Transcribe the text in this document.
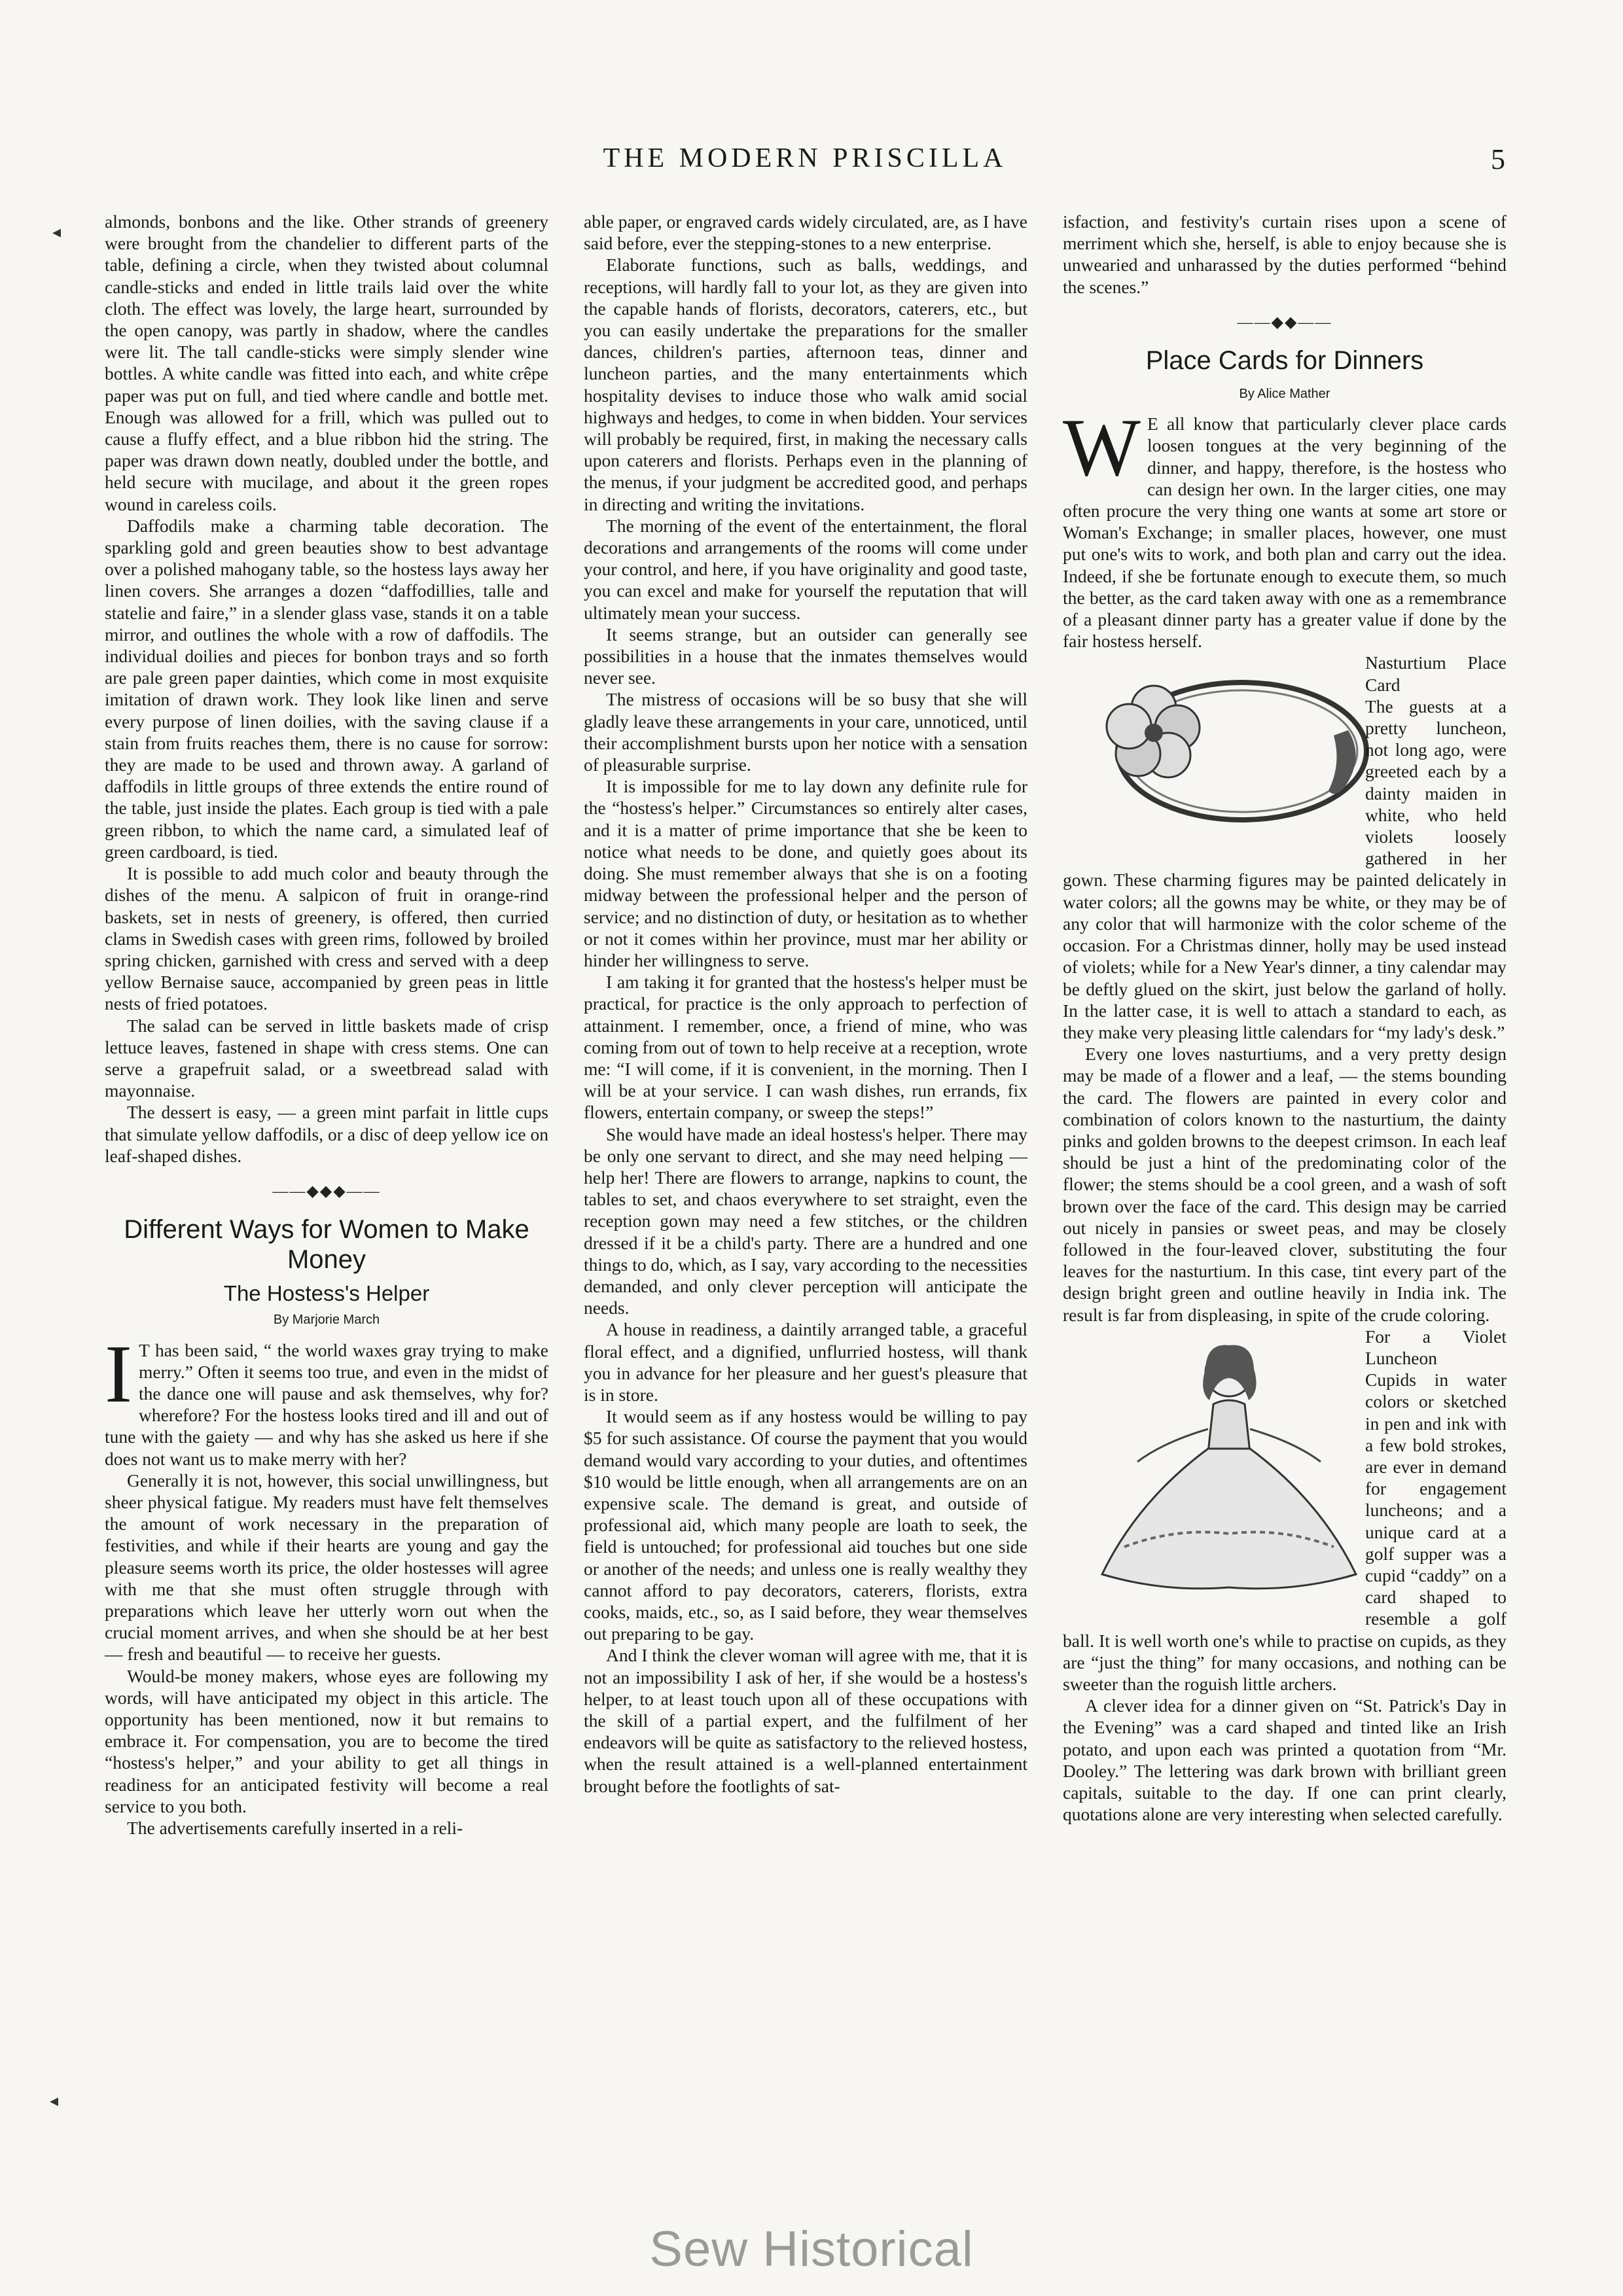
THE MODERN PRISCILLA	5
◂
◂

almonds, bonbons and the like. Other strands of greenery were brought from the chandelier to different parts of the table, defining a circle, when they twisted about columnal candle-sticks and ended in little trails laid over the white cloth. The effect was lovely, the large heart, surrounded by the open canopy, was partly in shadow, where the candles were lit. The tall candle-sticks were simply slender wine bottles. A white candle was fitted into each, and white crêpe paper was put on full, and tied where candle and bottle met. Enough was allowed for a frill, which was pulled out to cause a fluffy effect, and a blue ribbon hid the string. The paper was drawn down neatly, doubled under the bottle, and held secure with mucilage, and about it the green ropes wound in careless coils.

Daffodils make a charming table decoration. The sparkling gold and green beauties show to best advantage over a polished mahogany table, so the hostess lays away her linen covers. She arranges a dozen “daffodillies, talle and statelie and faire,” in a slender glass vase, stands it on a table mirror, and outlines the whole with a row of daffodils. The individual doilies and pieces for bonbon trays and so forth are pale green paper dainties, which come in most exquisite imitation of drawn work. They look like linen and serve every purpose of linen doilies, with the saving clause if a stain from fruits reaches them, there is no cause for sorrow: they are made to be used and thrown away. A garland of daffodils in little groups of three extends the entire round of the table, just inside the plates. Each group is tied with a pale green ribbon, to which the name card, a simulated leaf of green cardboard, is tied.

It is possible to add much color and beauty through the dishes of the menu. A salpicon of fruit in orange-rind baskets, set in nests of greenery, is offered, then curried clams in Swedish cases with green rims, followed by broiled spring chicken, garnished with cress and served with a deep yellow Bernaise sauce, accompanied by green peas in little nests of fried potatoes.

The salad can be served in little baskets made of crisp lettuce leaves, fastened in shape with cress stems. One can serve a grapefruit salad, or a sweetbread salad with mayonnaise.

The dessert is easy, — a green mint parfait in little cups that simulate yellow daffodils, or a disc of deep yellow ice on leaf-shaped dishes.

——◆◆◆——
Different Ways for Women to Make Money
The Hostess's Helper
By Marjorie March

I T has been said, “ the world waxes gray trying to make merry.” Often it seems too true, and even in the midst of the dance one will pause and ask themselves, why for? wherefore? For the hostess looks tired and ill and out of tune with the gaiety — and why has she asked us here if she does not want us to make merry with her?

Generally it is not, however, this social unwillingness, but sheer physical fatigue. My readers must have felt themselves the amount of work necessary in the preparation of festivities, and while if their hearts are young and gay the pleasure seems worth its price, the older hostesses will agree with me that she must often struggle through with preparations which leave her utterly worn out when the crucial moment arrives, and when she should be at her best — fresh and beautiful — to receive her guests.

Would-be money makers, whose eyes are following my words, will have anticipated my object in this article. The opportunity has been mentioned, now it but remains to embrace it. For compensation, you are to become the tired “hostess's helper,” and your ability to get all things in readiness for an anticipated festivity will become a real service to you both.

The advertisements carefully inserted in a reli-

able paper, or engraved cards widely circulated, are, as I have said before, ever the stepping-stones to a new enterprise.

Elaborate functions, such as balls, weddings, and receptions, will hardly fall to your lot, as they are given into the capable hands of florists, decorators, caterers, etc., but you can easily undertake the preparations for the smaller dances, children's parties, afternoon teas, dinner and luncheon parties, and the many entertainments which hospitality devises to induce those who walk amid social highways and hedges, to come in when bidden. Your services will probably be required, first, in making the necessary calls upon caterers and florists. Perhaps even in the planning of the menus, if your judgment be accredited good, and perhaps in directing and writing the invitations.

The morning of the event of the entertainment, the floral decorations and arrangements of the rooms will come under your control, and here, if you have originality and good taste, you can excel and make for yourself the reputation that will ultimately mean your success.

It seems strange, but an outsider can generally see possibilities in a house that the inmates themselves would never see.

The mistress of occasions will be so busy that she will gladly leave these arrangements in your care, unnoticed, until their accomplishment bursts upon her notice with a sensation of pleasurable surprise.

It is impossible for me to lay down any definite rule for the “hostess's helper.” Circumstances so entirely alter cases, and it is a matter of prime importance that she be keen to notice what needs to be done, and quietly goes about its doing. She must remember always that she is on a footing midway between the professional helper and the person of service; and no distinction of duty, or hesitation as to whether or not it comes within her province, must mar her ability or hinder her willingness to serve.

I am taking it for granted that the hostess's helper must be practical, for practice is the only approach to perfection of attainment. I remember, once, a friend of mine, who was coming from out of town to help receive at a reception, wrote me: “I will come, if it is convenient, in the morning. Then I will be at your service. I can wash dishes, run errands, fix flowers, entertain company, or sweep the steps!”

She would have made an ideal hostess's helper. There may be only one servant to direct, and she may need helping — help her! There are flowers to arrange, napkins to count, the tables to set, and chaos everywhere to set straight, even the reception gown may need a few stitches, or the children dressed if it be a child's party. There are a hundred and one things to do, which, as I say, vary according to the necessities demanded, and only clever perception will anticipate the needs.

A house in readiness, a daintily arranged table, a graceful floral effect, and a dignified, unflurried hostess, will thank you in advance for her pleasure and her guest's pleasure that is in store.

It would seem as if any hostess would be willing to pay $5 for such assistance. Of course the payment that you would demand would vary according to your duties, and oftentimes $10 would be little enough, when all arrangements are on an expensive scale. The demand is great, and outside of professional aid, which many people are loath to seek, the field is untouched; for professional aid touches but one side or another of the needs; and unless one is really wealthy they cannot afford to pay decorators, caterers, florists, extra cooks, maids, etc., so, as I said before, they wear themselves out preparing to be gay.

And I think the clever woman will agree with me, that it is not an impossibility I ask of her, if she would be a hostess's helper, to at least touch upon all of these occupations with the skill of a partial expert, and the fulfilment of her endeavors will be quite as satisfactory to the relieved hostess, when the result attained is a well-planned entertainment brought before the footlights of sat-

isfaction, and festivity's curtain rises upon a scene of merriment which she, herself, is able to enjoy because she is unwearied and unharassed by the duties performed “behind the scenes.”

——◆◆——
Place Cards for Dinners
By Alice Mather

W E all know that particularly clever place cards loosen tongues at the very beginning of the dinner, and happy, therefore, is the hostess who can design her own. In the larger cities, one may often procure the very thing one wants at some art store or Woman's Exchange; in smaller places, however, one must put one's wits to work, and both plan and carry out the idea. Indeed, if she be fortunate enough to execute them, so much the better, as the card taken away with one as a remembrance of a pleasant dinner party has a greater value if done by the fair hostess herself.

Nasturtium Place Card
The guests at a pretty luncheon, not long ago, were greeted each by a dainty maiden in white, who held violets loosely gathered in her gown. These charming figures may be painted delicately in water colors; all the gowns may be white, or they may be of any color that will harmonize with the color scheme of the occasion. For a Christmas dinner, holly may be used instead of violets; while for a New Year's dinner, a tiny calendar may be deftly glued on the skirt, just below the garland of holly. In the latter case, it is well to attach a standard to each, as they make very pleasing little calendars for “my lady's desk.”

Every one loves nasturtiums, and a very pretty design may be made of a flower and a leaf, — the stems bounding the card. The flowers are painted in every color and combination of colors known to the nasturtium, the dainty pinks and golden browns to the deepest crimson. In each leaf should be just a hint of the predominating color of the flower; the stems should be a cool green, and a wash of soft brown over the face of the card. This design may be carried out nicely in pansies or sweet peas, and may be closely followed in the four-leaved clover, substituting the four leaves for the nasturtium. In this case, tint every part of the design bright green and outline heavily in India ink. The result is far from displeasing, in spite of the crude coloring.

For a Violet Luncheon
Cupids in water colors or sketched in pen and ink with a few bold strokes, are ever in demand for engagement luncheons; and a unique card at a golf supper was a cupid “caddy” on a card shaped to resemble a golf ball. It is well worth one's while to practise on cupids, as they are “just the thing” for many occasions, and nothing can be sweeter than the roguish little archers.

A clever idea for a dinner given on “St. Patrick's Day in the Evening” was a card shaped and tinted like an Irish potato, and upon each was printed a quotation from “Mr. Dooley.” The lettering was dark brown with brilliant green capitals, suitable to the day. If one can print clearly, quotations alone are very interesting when selected carefully.

Sew Historical
